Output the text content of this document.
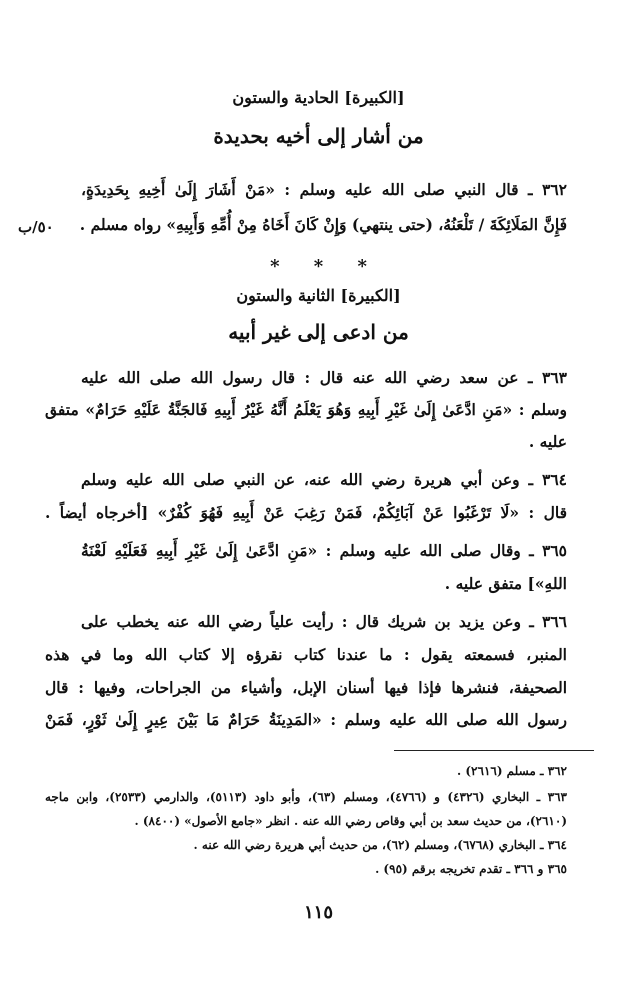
[الكبيرة] الحادية والستون
من أشار إلى أخيه بحديدة
٣٦٢ ـ قال النبي صلى الله عليه وسلم : «مَنْ أَشَارَ إِلَىٰ أَخِيهِ بِحَدِيدَةٍ،
فَإِنَّ المَلَائِكَةَ / تَلْعَنُهُ، (حتى ينتهي) وَإِنْ كَانَ أَخَاهُ مِنْ أُمِّهِ وَأَبِيهِ» رواه مسلم .
٥٠/ب
* * *
[الكبيرة] الثانية والستون
من ادعى إلى غير أبيه
٣٦٣ ـ عن سعد رضي الله عنه قال : قال رسول الله صلى الله عليه
وسلم : «مَنِ ادَّعَىٰ إِلَىٰ غَيْرِ أَبِيهِ وَهُوَ يَعْلَمُ أَنَّهُ غَيْرُ أَبِيهِ فَالجَنَّةُ عَلَيْهِ حَرَامٌ» متفق
عليه .
٣٦٤ ـ وعن أبي هريرة رضي الله عنه، عن النبي صلى الله عليه وسلم
قال : «لَا تَرْغَبُوا عَنْ آبَائِكُمْ، فَمَنْ رَغِبَ عَنْ أَبِيهِ فَهُوَ كُفْرٌ» [أخرجاه أيضاً .
٣٦٥ ـ وقال صلى الله عليه وسلم : «مَنِ ادَّعَىٰ إِلَىٰ غَيْرِ أَبِيهِ فَعَلَيْهِ لَعْنَةُ
اللهِ»] متفق عليه .
٣٦٦ ـ وعن يزيد بن شريك قال : رأيت علياً رضي الله عنه يخطب على
المنبر، فسمعته يقول : ما عندنا كتاب نقرؤه إلا كتاب الله وما في هذه
الصحيفة، فنشرها فإذا فيها أسنان الإبل، وأشياء من الجراحات، وفيها : قال
رسول الله صلى الله عليه وسلم : «المَدِينَةُ حَرَامٌ مَا بَيْنَ عِيرٍ إِلَىٰ ثَوْرٍ، فَمَنْ
٣٦٢ ـ مسلم (٢٦١٦) .
٣٦٣ ـ البخاري (٤٣٢٦) و (٤٧٦٦)، ومسلم (٦٣)، وأبو داود (٥١١٣)، والدارمي (٢٥٣٣)، وابن ماجه
(٢٦١٠)، من حديث سعد بن أبي وقاص رضي الله عنه . انظر «جامع الأصول» (٨٤٠٠) .
٣٦٤ ـ البخاري (٦٧٦٨)، ومسلم (٦٢)، من حديث أبي هريرة رضي الله عنه .
٣٦٥ و ٣٦٦ ـ تقدم تخريجه برقم (٩٥) .
١١٥
